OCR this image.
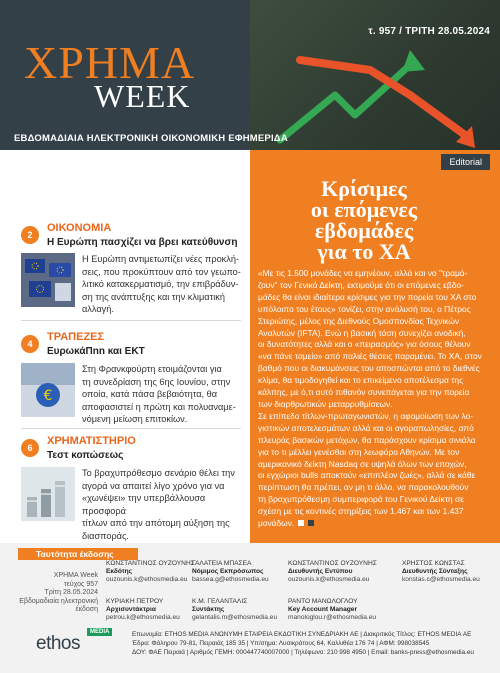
τ. 957 / ΤΡΙΤΗ 28.05.2024
ΧΡΗΜΑ
WEEK
ΕΒΔΟΜΑΔΙΑΙΑ ΗΛΕΚΤΡΟΝΙΚΗ ΟΙΚΟΝΟΜΙΚΗ ΕΦΗΜΕΡΙΔΑ
2
ΟΙΚΟΝΟΜΙΑ
Η Ευρώπη πασχίζει να βρει κατεύθυνση
Η Ευρώπη αντιμετωπίζει νέες προκλή-
σεις, που προκύπτουν από τον γεωπο-
λιτικό κατακερματισμό, την επιβράδυν-
ση της ανάπτυξης και την κλιματική
αλλαγή.
4
ΤΡΑΠΕΖΕΣ
ΕυρωκάΠnn και ΕΚΤ
€
Στη Φρανκφούρτη ετοιμάζονται για
τη συνεδρίαση της 6ης Ιουνίου, στην
οποία, κατά πάσα βεβαιότητα, θα
αποφασιστεί η πρώτη και πολυαναμε-
νόμενη μείωση επιτοκίων.
6
ΧΡΗΜΑΤΙΣΤΗΡΙΟ
Τεστ κοπώσεως
Το βραχυπρόθεσμο σενάριο θέλει την
αγορά να απαιτεί λίγο χρόνο για να
«χωνέψει» την υπερβάλλουσα προσφορά
τίτλων από την απότομη αύξηση της
διασποράς.
Editorial
Κρίσιμες
οι επόμενες
εβδομάδες
για το ΧΑ
«Με τις 1.500 μονάδες να εμηνέουν, αλλά και να "τραμά-
ζουν" τον Γενικό Δείκτη, εκτιμούμε ότι οι επόμενες εβδο-
μάδες θα είναι ιδιαίτερα κρίσιμες για την πορεία του ΧΑ στο
υπόλοιπο του έτους» τονίζει, στην ανάλυσή του, ο Πέτρος
Στεριώτης, μέλος της Διεθνούς Ομοσπονδίας Τεχνικών
Αναλυτών (IFTA). Ενώ η βασική τάση συνεχίζει ανοδική,
οι δυνατότητες αλλά και ο «πειρασμός» για όσους θέλουν
«να πάνε ταμείο» από παλιές θέσεις παραμένει. Το ΧΑ, στον
βαθμό που οι διακυμάνσεις του αποσπώνται από το διεθνές
κλίμα, θα τιμοδογηθεί και το επικείμενο αποτέλεσμα της
κάλπης, με ό,τι αυτό πιθανόν συνεπάγεται για την πορεία
των διαρθρωτικών μεταρρυθμίσεων.
Σε επίπεδο τίτλων-πρωταγωνιστών, η αφομοίωση των λο-
γιστικών αποτελεσμάτων αλλά και οι αγοραπωλησίες, από
πλευράς βασικών μετόχων, θα παράσχουν κρίσιμα σινιάλα
για το τι μέλλει γενέσθαι στη λεωφόρο Αθηνών. Με τον
αμερικανικό δείκτη Nasdaq σε υψηλά όλων των εποχών,
οι εγχώριοι bulls αποκτούν «επιπλέον ζωές», αλλά σε κάθε
περίπτωση θα πρέπει, αν μη τι άλλο, να παρακολουθούν
τη βραχυπρόθεσμη συμπεριφορά του Γενικού Δείκτη σε
σχέση με τις κοντινές στηρίξεις των 1.467 και των 1.437
μονάδων.
Ταυτότητα έκδοσης
ΧΡΗΜΑ Week
τεύχος 957
Τρίτη 28.05.2024
Εβδομαδιαία ηλεκτρονική έκδοση
ΚΩΝΣΤΑΝΤΙΝΟΣ ΟΥΖΟΥΝΗΣ
Εκδότης
ouzounis.k@ethosmedia.eu
ΓΑΛΑΤΕΙΑ ΜΠΑΣΕΑ
Νόμιμος Εκπρόσωπος
bassea.g@ethosmedia.eu
ΚΩΝΣΤΑΝΤΙΝΟΣ ΟΥΖΟΥΝΗΣ
Διευθυντής Εντύπου
ouzounis.k@ethosmedia.eu
ΧΡΗΣΤΟΣ ΚΩΝΣΤΑΣ
Διευθυντής Σύνταξης
konstas.c@ethosmedia.eu
ΚΥΡΙΑΚΗ ΠΕΤΡΟΥ
Αρχισυντάκτρια
petrou.k@ethosmedia.eu
Κ.Μ. ΓΕΛΑΝΤΑΛΙΣ
Συντάκτης
gelantalis.m@ethosmedia.eu
ΡΑΝΤΟ ΜΑΝΩΛΟΓΛΟΥ
Key Account Manager
manologlou.r@ethosmedia.eu
ethos
MEDIA	Επωνυμία: ETHOS MEDIA ΑΝΩΝΥΜΗ ΕΤΑΙΡΕΙΑ ΕΚΔΟΤΙΚΗ ΣΥΝΕΔΡΙΑΚΗ ΑΕ | Διακριτικός Τίτλος: ETHOS MEDIA ΑΕ
Έδρα: Φάληρου 79-81, Πειραιάς 185 35 | Υπ/σημα: Λυσικράτους 64, Καλλιθέα 176 74 | ΑΦΜ: 998038545
ΔΟΥ: ΦΑΕ Πειραιά | Αριθμός ΓΕΜΗ: 000447740007000 | Τηλέφωνο: 210 998 4950 | Email: banks-press@ethosmedia.eu
